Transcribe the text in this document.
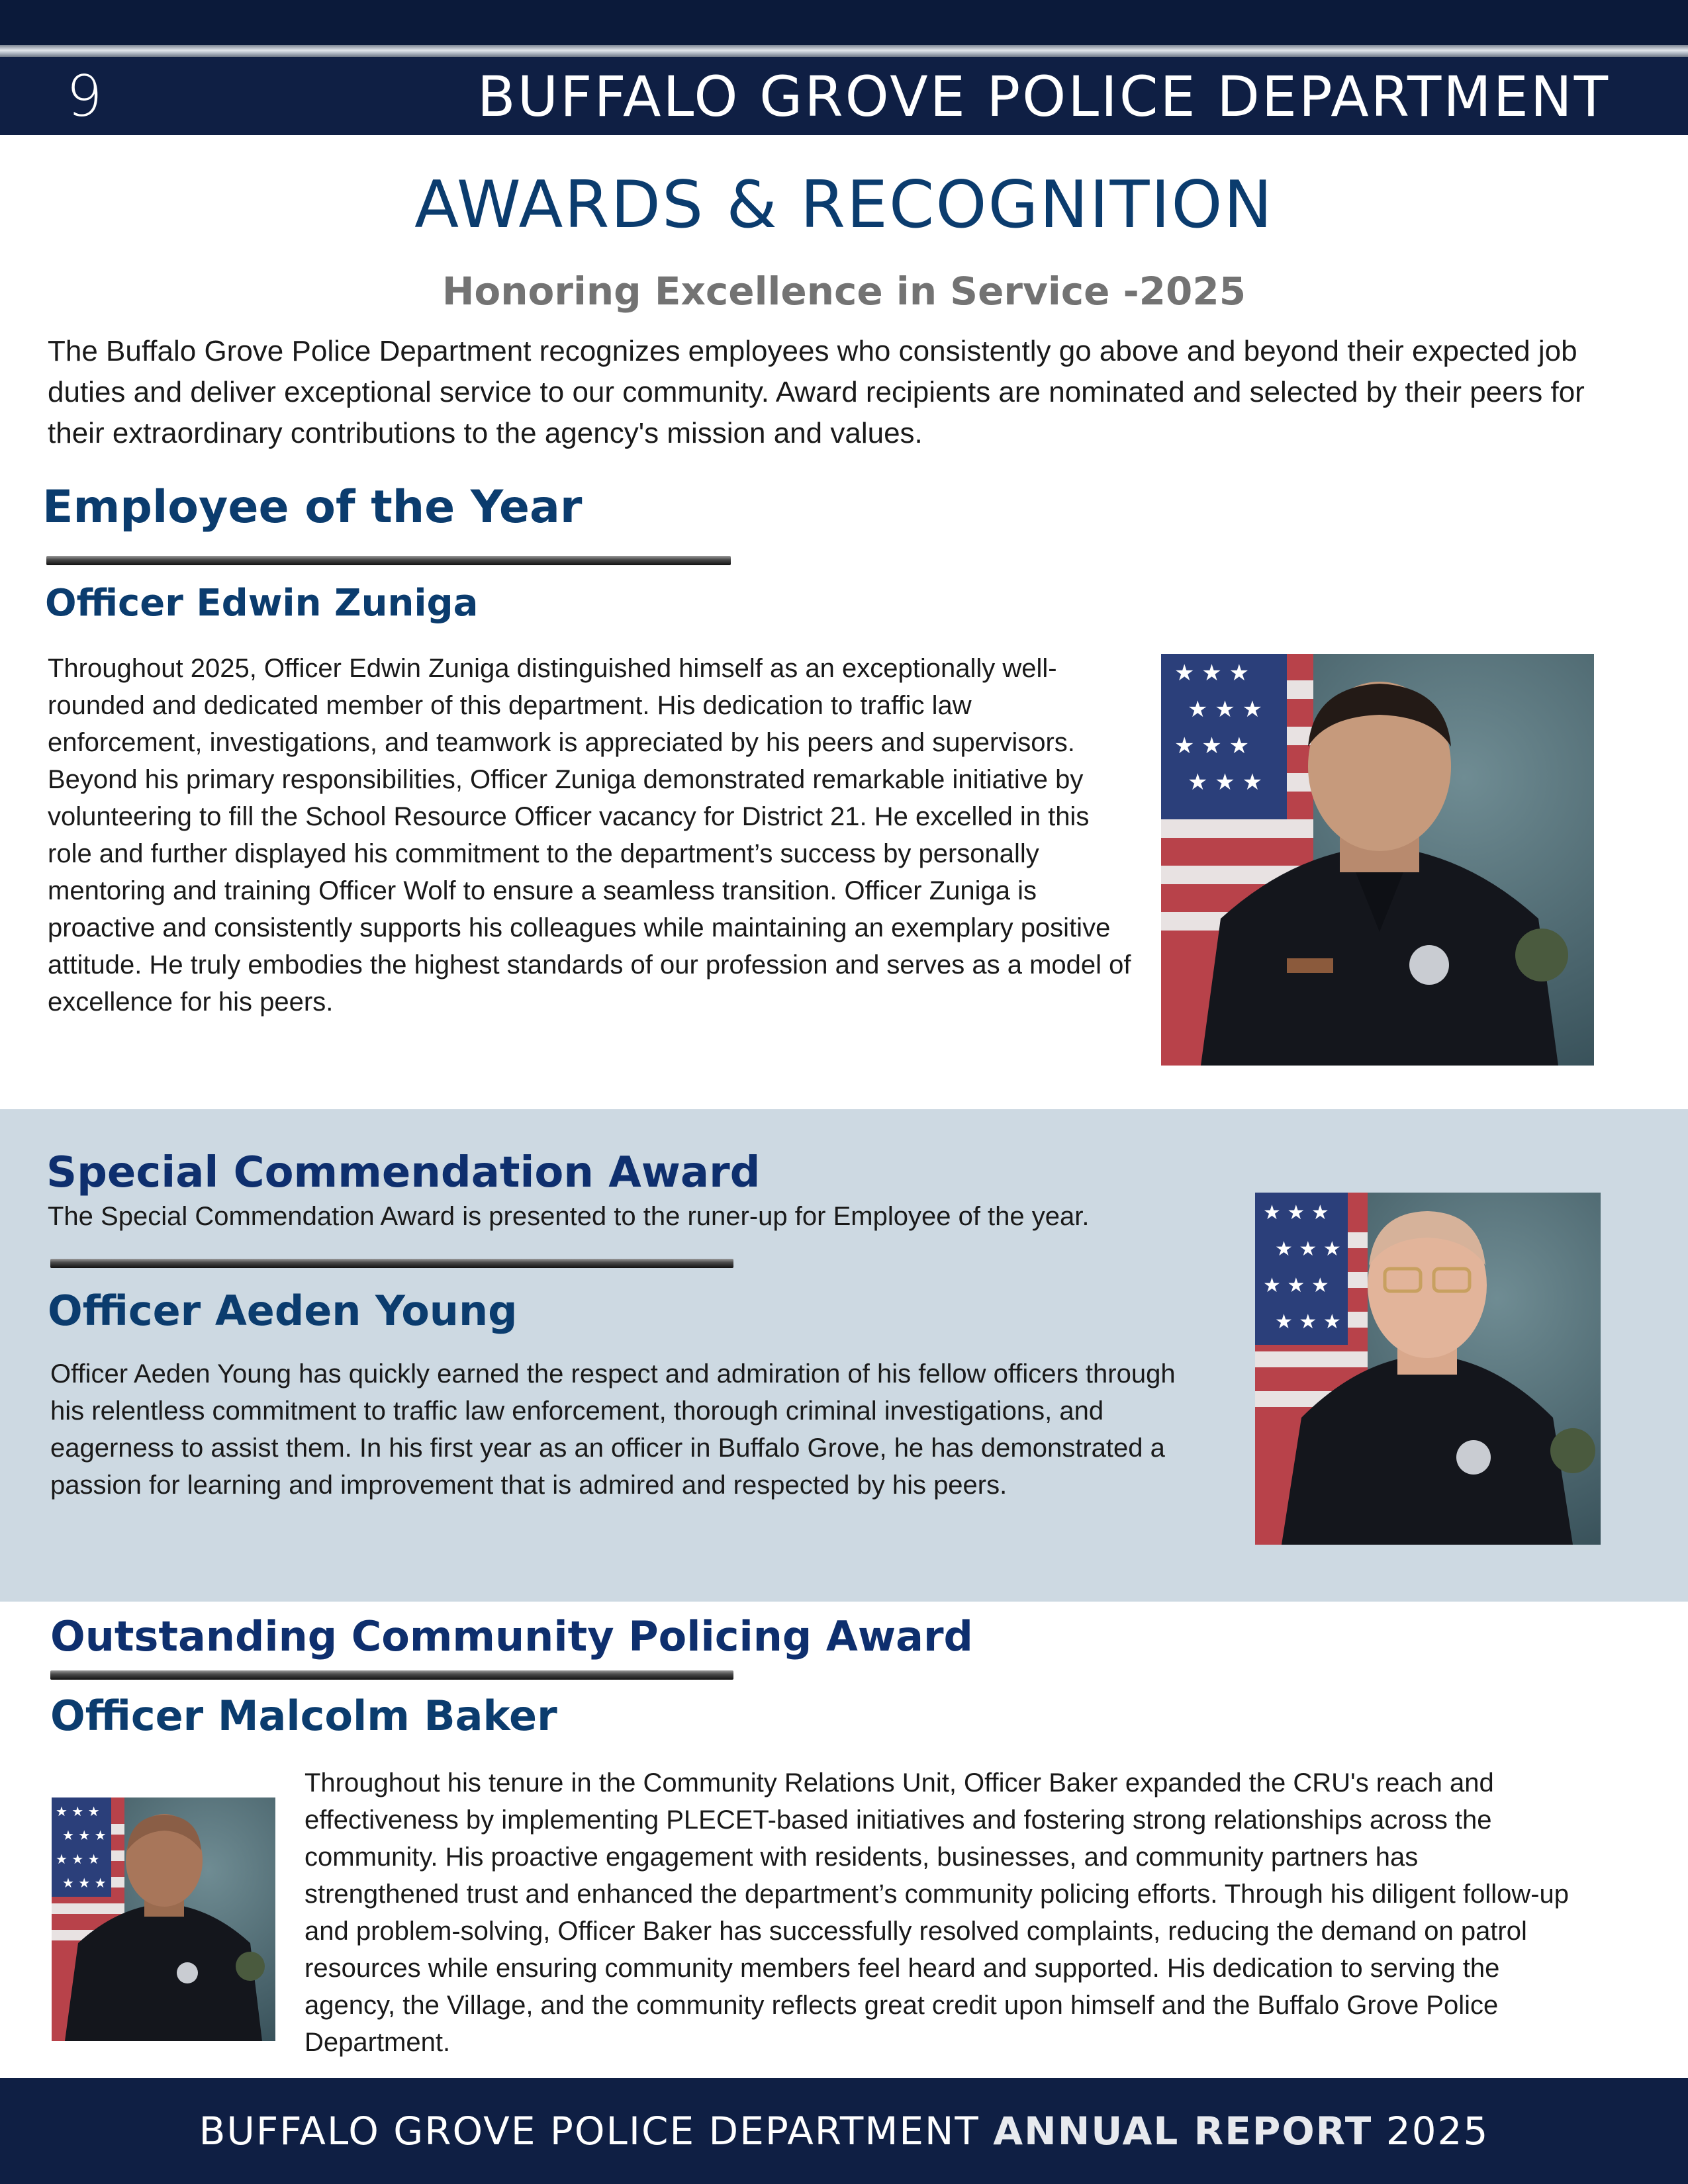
9	BUFFALO GROVE POLICE DEPARTMENT
AWARDS & RECOGNITION
Honoring Excellence in Service -2025
The Buffalo Grove Police Department recognizes employees who consistently go above and beyond their expected job duties and deliver exceptional service to our community. Award recipients are nominated and selected by their peers for their extraordinary contributions to the agency's mission and values.
Employee of the Year
Officer Edwin Zuniga
Throughout 2025, Officer Edwin Zuniga distinguished himself as an exceptionally well-rounded and dedicated member of this department. His dedication to traffic law enforcement, investigations, and teamwork is appreciated by his peers and supervisors. Beyond his primary responsibilities, Officer Zuniga demonstrated remarkable initiative by volunteering to fill the School Resource Officer vacancy for District 21. He excelled in this role and further displayed his commitment to the department’s success by personally mentoring and training Officer Wolf to ensure a seamless transition. Officer Zuniga is proactive and consistently supports his colleagues while maintaining an exemplary positive attitude. He truly embodies the highest standards of our profession and serves as a model of excellence for his peers.
★ ★ ★
★ ★ ★
★ ★ ★
★ ★ ★
Special Commendation Award
The Special Commendation Award is presented to the runer-up for Employee of the year.
Officer Aeden Young
Officer Aeden Young has quickly earned the respect and admiration of his fellow officers through his relentless commitment to traffic law enforcement, thorough criminal investigations, and eagerness to assist them. In his first year as an officer in Buffalo Grove, he has demonstrated a passion for learning and improvement that is admired and respected by his peers.
★ ★ ★
★ ★ ★
★ ★ ★
★ ★ ★
Outstanding Community Policing Award
Officer Malcolm Baker
Throughout his tenure in the Community Relations Unit, Officer Baker expanded the CRU's reach and effectiveness by implementing PLECET-based initiatives and fostering strong relationships across the community. His proactive engagement with residents, businesses, and community partners has strengthened trust and enhanced the department’s community policing efforts. Through his diligent follow-up and problem-solving, Officer Baker has successfully resolved complaints, reducing the demand on patrol resources while ensuring community members feel heard and supported. His dedication to serving the agency, the Village, and the community reflects great credit upon himself and the Buffalo Grove Police Department.
★ ★ ★
★ ★ ★
★ ★ ★
★ ★ ★
BUFFALO GROVE POLICE DEPARTMENT ANNUAL REPORT 2025
